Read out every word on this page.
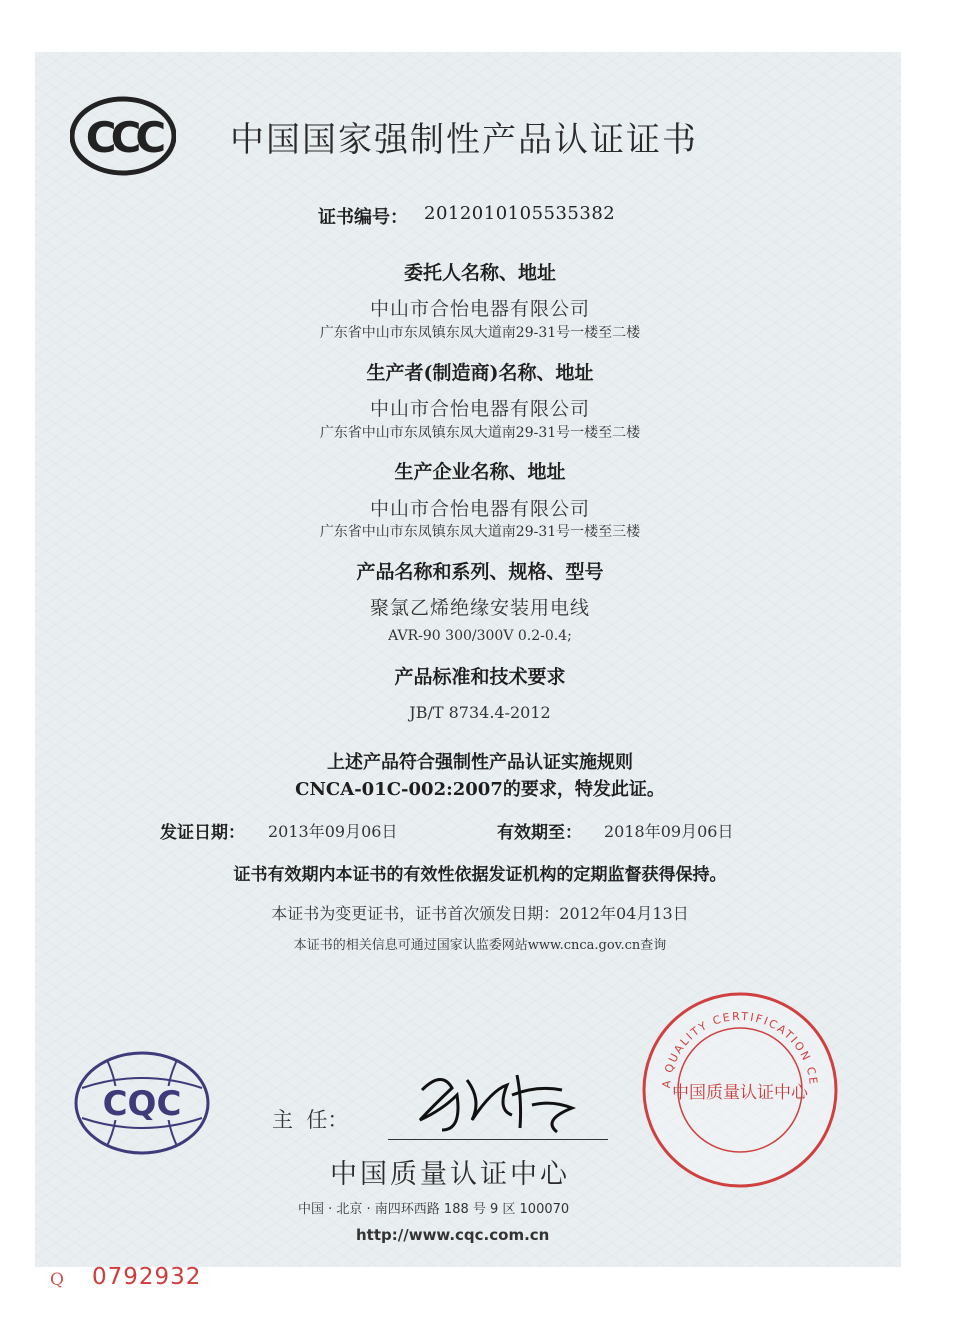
CCC 中国国家强制性产品认证证书
证书编号： 2012010105535382
委托人名称、地址
中山市合怡电器有限公司
广东省中山市东凤镇东凤大道南29-31号一楼至二楼
生产者(制造商)名称、地址
中山市合怡电器有限公司
广东省中山市东凤镇东凤大道南29-31号一楼至二楼
生产企业名称、地址
中山市合怡电器有限公司
广东省中山市东凤镇东凤大道南29-31号一楼至三楼
产品名称和系列、规格、型号
聚氯乙烯绝缘安装用电线
AVR-90 300/300V 0.2-0.4;
产品标准和技术要求
JB/T 8734.4-2012
上述产品符合强制性产品认证实施规则
CNCA-01C-002:2007的要求，特发此证。
发证日期： 2013年09月06日	有效期至： 2018年09月06日
证书有效期内本证书的有效性依据发证机构的定期监督获得保持。
本证书为变更证书，证书首次颁发日期：2012年04月13日
本证书的相关信息可通过国家认监委网站www.cnca.gov.cn查询
CQC	主  任：
中国质量认证中心
中国 · 北京 · 南四环西路 188 号 9 区 100070
http://www.cqc.com.cn
Q 0792932
A QUALITY CERTIFICATION CE
中国质量认证中心
